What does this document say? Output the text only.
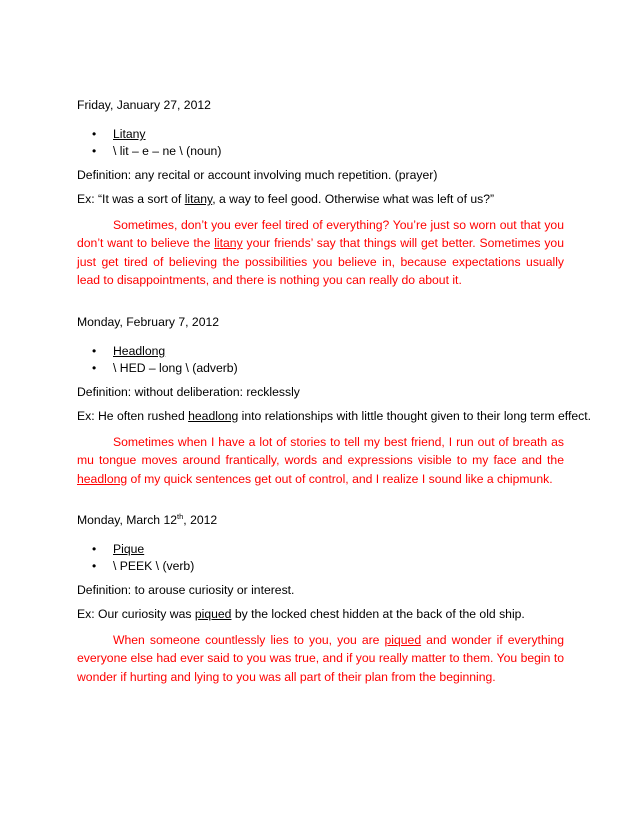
Friday, January 27, 2012

• Litany
• \ lit – e – ne \ (noun)

Definition: any recital or account involving much repetition. (prayer)

Ex: “It was a sort of litany, a way to feel good. Otherwise what was left of us?”

Sometimes, don’t you ever feel tired of everything? You’re just so worn out that you don’t want to believe the litany your friends’ say that things will get better. Sometimes you just get tired of believing the possibilities you believe in, because expectations usually lead to disappointments, and there is nothing you can really do about it.

Monday, February 7, 2012

• Headlong
• \ HED – long \ (adverb)

Definition: without deliberation: recklessly

Ex: He often rushed headlong into relationships with little thought given to their long term effect.

Sometimes when I have a lot of stories to tell my best friend, I run out of breath as mu tongue moves around frantically, words and expressions visible to my face and the headlong of my quick sentences get out of control, and I realize I sound like a chipmunk.

Monday, March 12th, 2012

• Pique
• \ PEEK \ (verb)

Definition: to arouse curiosity or interest.

Ex: Our curiosity was piqued by the locked chest hidden at the back of the old ship.

When someone countlessly lies to you, you are piqued and wonder if everything everyone else had ever said to you was true, and if you really matter to them. You begin to wonder if hurting and lying to you was all part of their plan from the beginning.
